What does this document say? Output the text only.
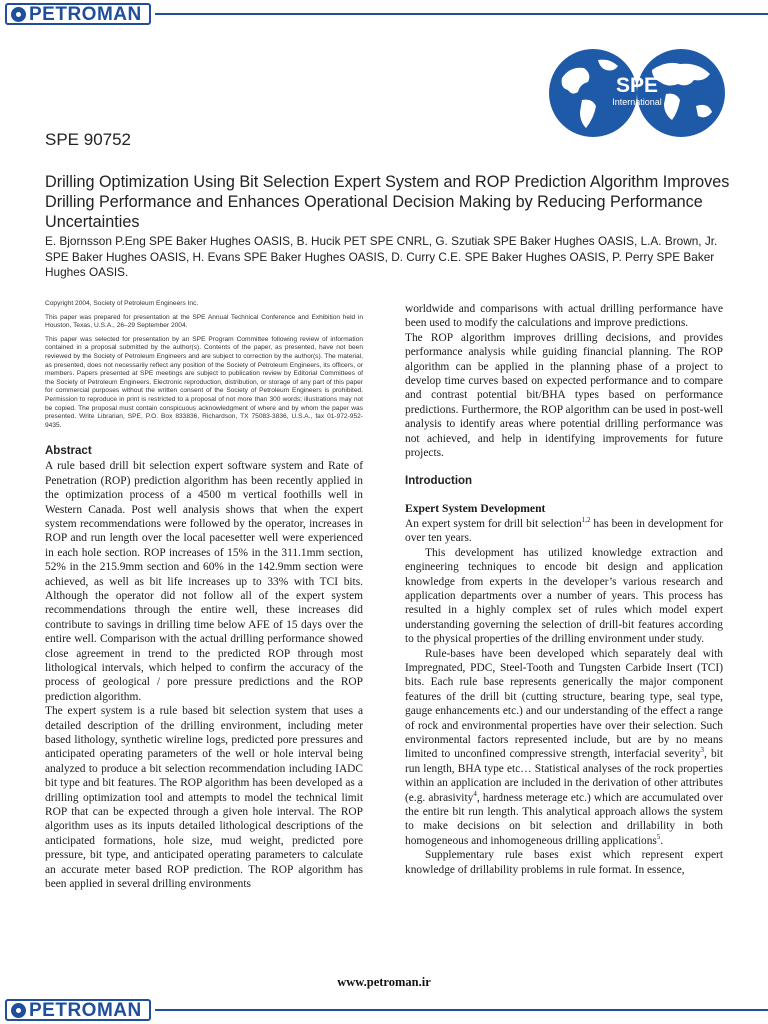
PETROMAN
SPE
International
SPE 90752
Drilling Optimization Using Bit Selection Expert System and ROP Prediction Algorithm Improves Drilling Performance and Enhances Operational Decision Making by Reducing Performance Uncertainties

E. Bjornsson P.Eng SPE Baker Hughes OASIS, B. Hucik PET SPE CNRL, G. Szutiak SPE Baker Hughes OASIS, L.A. Brown, Jr. SPE Baker Hughes OASIS, H. Evans SPE Baker Hughes OASIS, D. Curry C.E. SPE Baker Hughes OASIS, P. Perry SPE Baker Hughes OASIS.

Copyright 2004, Society of Petroleum Engineers Inc.

This paper was prepared for presentation at the SPE Annual Technical Conference and Exhibition held in Houston, Texas, U.S.A., 26–29 September 2004.

This paper was selected for presentation by an SPE Program Committee following review of information contained in a proposal submitted by the author(s). Contents of the paper, as presented, have not been reviewed by the Society of Petroleum Engineers and are subject to correction by the author(s). The material, as presented, does not necessarily reflect any position of the Society of Petroleum Engineers, its officers, or members. Papers presented at SPE meetings are subject to publication review by Editorial Committees of the Society of Petroleum Engineers. Electronic reproduction, distribution, or storage of any part of this paper for commercial purposes without the written consent of the Society of Petroleum Engineers is prohibited. Permission to reproduce in print is restricted to a proposal of not more than 300 words; illustrations may not be copied. The proposal must contain conspicuous acknowledgment of where and by whom the paper was presented. Write Librarian, SPE, P.O. Box 833836, Richardson, TX 75083-3836, U.S.A., fax 01-972-952-9435.

Abstract

A rule based drill bit selection expert software system and Rate of Penetration (ROP) prediction algorithm has been recently applied in the optimization process of a 4500 m vertical foothills well in Western Canada. Post well analysis shows that when the expert system recommendations were followed by the operator, increases in ROP and run length over the local pacesetter well were experienced in each hole section. ROP increases of 15% in the 311.1mm section, 52% in the 215.9mm section and 60% in the 142.9mm section were achieved, as well as bit life increases up to 33% with TCI bits. Although the operator did not follow all of the expert system recommendations through the entire well, these increases did contribute to savings in drilling time below AFE of 15 days over the entire well. Comparison with the actual drilling performance showed close agreement in trend to the predicted ROP through most lithological intervals, which helped to confirm the accuracy of the process of geological / pore pressure predictions and the ROP prediction algorithm.

The expert system is a rule based bit selection system that uses a detailed description of the drilling environment, including meter based lithology, synthetic wireline logs, predicted pore pressures and anticipated operating parameters of the well or hole interval being analyzed to produce a bit selection recommendation including IADC bit type and bit features. The ROP algorithm has been developed as a drilling optimization tool and attempts to model the technical limit ROP that can be expected through a given hole interval. The ROP algorithm uses as its inputs detailed lithological descriptions of the anticipated formations, hole size, mud weight, predicted pore pressure, bit type, and anticipated operating parameters to calculate an accurate meter based ROP prediction. The ROP algorithm has been applied in several drilling environments

worldwide and comparisons with actual drilling performance have been used to modify the calculations and improve predictions.

The ROP algorithm improves drilling decisions, and provides performance analysis while guiding financial planning. The ROP algorithm can be applied in the planning phase of a project to develop time curves based on expected performance and to compare and contrast potential bit/BHA types based on performance predictions. Furthermore, the ROP algorithm can be used in post-well analysis to identify areas where potential drilling performance was not achieved, and help in identifying improvements for future projects.

Introduction
Expert System Development

An expert system for drill bit selection$^{1,2}$ has been in development for over ten years.

This development has utilized knowledge extraction and engineering techniques to encode bit design and application knowledge from experts in the developer’s various research and application departments over a number of years. This process has resulted in a highly complex set of rules which model expert understanding governing the selection of drill-bit features according to the physical properties of the drilling environment under study.

Rule-bases have been developed which separately deal with Impregnated, PDC, Steel-Tooth and Tungsten Carbide Insert (TCI) bits. Each rule base represents generically the major component features of the drill bit (cutting structure, bearing type, seal type, gauge enhancements etc.) and our understanding of the effect a range of rock and environmental properties have over their selection. Such environmental factors represented include, but are by no means limited to unconfined compressive strength, interfacial severity$^3$, bit run length, BHA type etc… Statistical analyses of the rock properties within an application are included in the derivation of other attributes (e.g. abrasivity$^4$, hardness meterage etc.) which are accumulated over the entire bit run length. This analytical approach allows the system to make decisions on bit selection and drillability in both homogeneous and inhomogeneous drilling applications$^5$.

Supplementary rule bases exist which represent expert knowledge of drillability problems in rule format. In essence,

www.petroman.ir
PETROMAN
